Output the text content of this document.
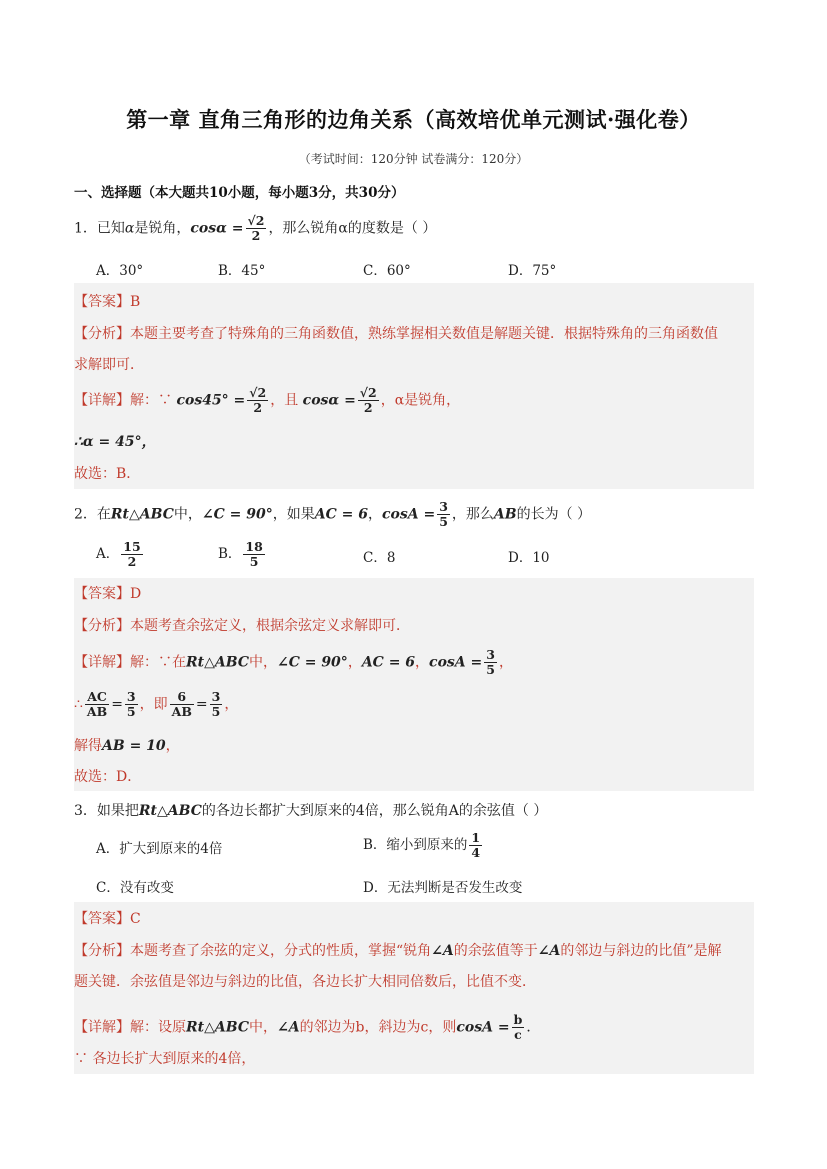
第一章 直角三角形的边角关系（高效培优单元测试·强化卷）
（考试时间：120分钟 试卷满分：120分）
一、选择题（本大题共10小题，每小题3分，共30分）
1．已知α是锐角，$\cos\alpha = \frac{√2}{2}$ ，那么锐角α的度数是（ ）
A．30°	B．45°	C．60°	D．75°
【答案】B
【分析】本题主要考查了特殊角的三角函数值，熟练掌握相关数值是解题关键．根据特殊角的三角函数值
求解即可．
【详解】解：∵ $\cos 45^\circ = \frac{√2}{2}$ ，且 $\cos\alpha = \frac{√2}{2}$ ，α是锐角，
∴α = 45°，
故选：B．
2．在Rt△ABC中，∠C = 90°，如果AC = 6，$\cos A = \frac{3}{5}$ ，那么AB的长为（ ）
A． $\frac{15}{2}$	B． $\frac{18}{5}$	C．8	D．10
【答案】D
【分析】本题考查余弦定义，根据余弦定义求解即可．
【详解】解：∵在Rt△ABC中，∠C = 90°，AC = 6，$\cos A = \frac{3}{5}$ ，
∴ $\frac{AC}{AB} = \frac{3}{5}$ ，即 $\frac{6}{AB} = \frac{3}{5}$ ，
解得AB = 10，
故选：D．
3．如果把Rt△ABC的各边长都扩大到原来的4倍，那么锐角A的余弦值（ ）
A．扩大到原来的4倍	B．缩小到原来的 $\frac{1}{4}$
C．没有改变	D．无法判断是否发生改变
【答案】C
【分析】本题考查了余弦的定义，分式的性质，掌握“锐角∠A的余弦值等于∠A的邻边与斜边的比值”是解
题关键．余弦值是邻边与斜边的比值，各边长扩大相同倍数后，比值不变．
【详解】解：设原Rt△ABC中，∠A的邻边为b，斜边为c，则$\cos A = \frac{b}{c}$ ．
∵ 各边长扩大到原来的4倍，
